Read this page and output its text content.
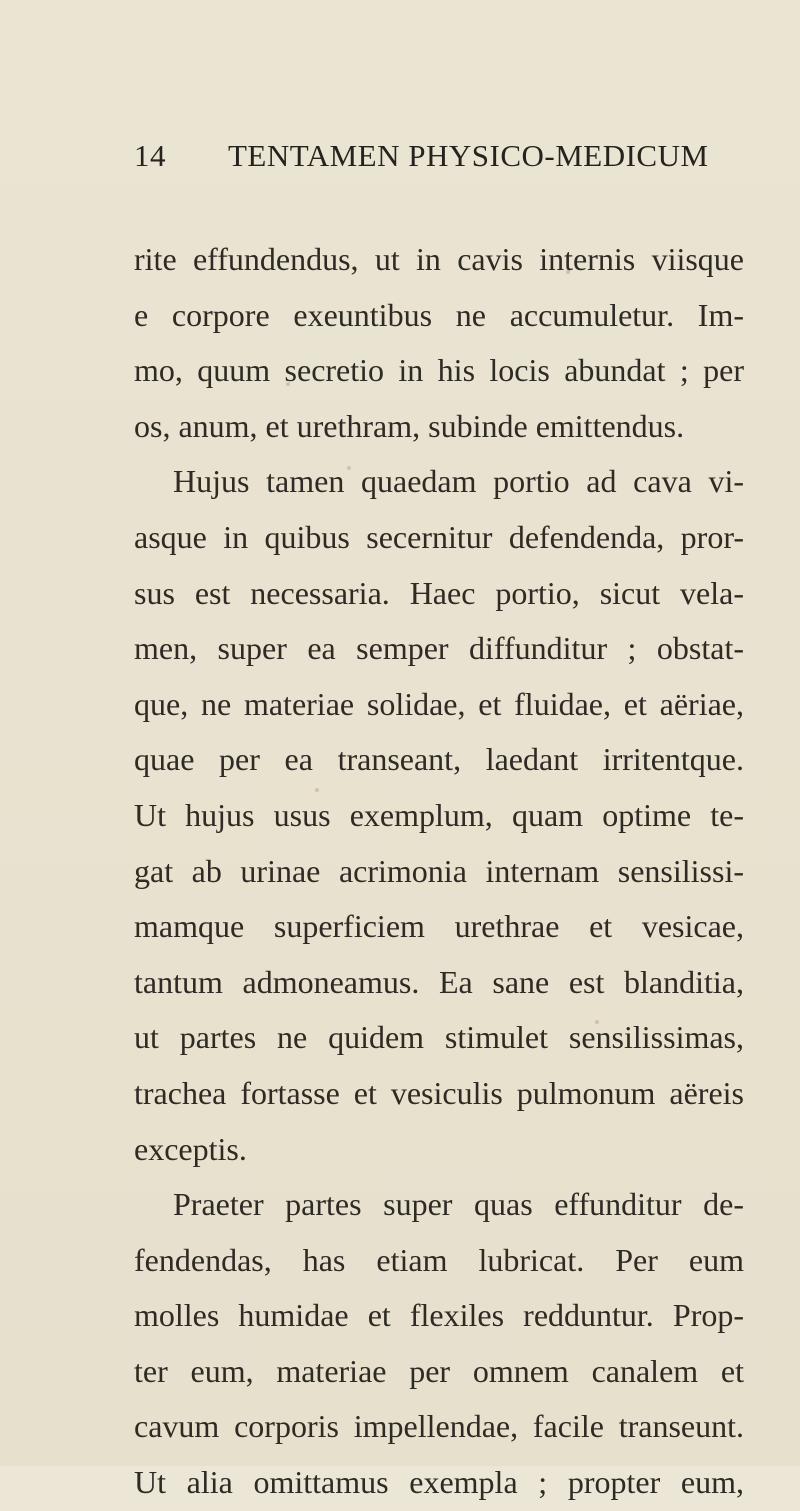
14 TENTAMEN PHYSICO-MEDICUM
rite effundendus, ut in cavis internis viisque
e corpore exeuntibus ne accumuletur. Im-
mo, quum secretio in his locis abundat ; per
os, anum, et urethram, subinde emittendus.
Hujus tamen quaedam portio ad cava vi-
asque in quibus secernitur defendenda, pror-
sus est necessaria. Haec portio, sicut vela-
men, super ea semper diffunditur ; obstat-
que, ne materiae solidae, et fluidae, et aëriae,
quae per ea transeant, laedant irritentque.
Ut hujus usus exemplum, quam optime te-
gat ab urinae acrimonia internam sensilissi-
mamque superficiem urethrae et vesicae,
tantum admoneamus. Ea sane est blanditia,
ut partes ne quidem stimulet sensilissimas,
trachea fortasse et vesiculis pulmonum aëreis
exceptis.
Praeter partes super quas effunditur de-
fendendas, has etiam lubricat. Per eum
molles humidae et flexiles redduntur. Prop-
ter eum, materiae per omnem canalem et
cavum corporis impellendae, facile transeunt.
Ut alia omittamus exempla ; propter eum,
